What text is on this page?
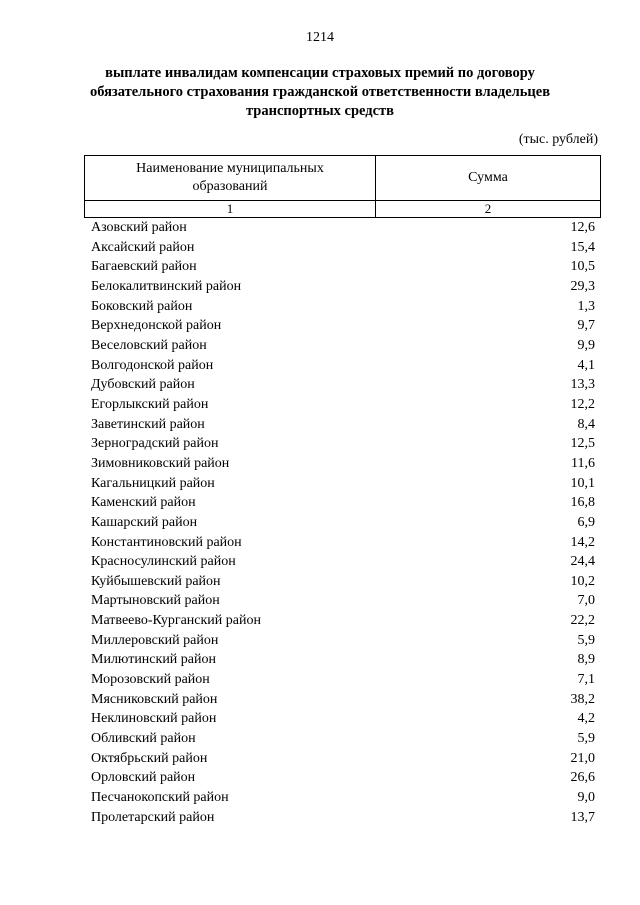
1214
выплате инвалидам компенсации страховых премий по договору
обязательного страхования гражданской ответственности владельцев
транспортных средств
(тыс. рублей)
Наименование муниципальных
образований	Сумма
1	2
Азовский район	12,6
Аксайский район	15,4
Багаевский район	10,5
Белокалитвинский район	29,3
Боковский район	1,3
Верхнедонской район	9,7
Веселовский район	9,9
Волгодонской район	4,1
Дубовский район	13,3
Егорлыкский район	12,2
Заветинский район	8,4
Зерноградский район	12,5
Зимовниковский район	11,6
Кагальницкий район	10,1
Каменский район	16,8
Кашарский район	6,9
Константиновский район	14,2
Красносулинский район	24,4
Куйбышевский район	10,2
Мартыновский район	7,0
Матвеево-Курганский район	22,2
Миллеровский район	5,9
Милютинский район	8,9
Морозовский район	7,1
Мясниковский район	38,2
Неклиновский район	4,2
Обливский район	5,9
Октябрьский район	21,0
Орловский район	26,6
Песчанокопский район	9,0
Пролетарский район	13,7
